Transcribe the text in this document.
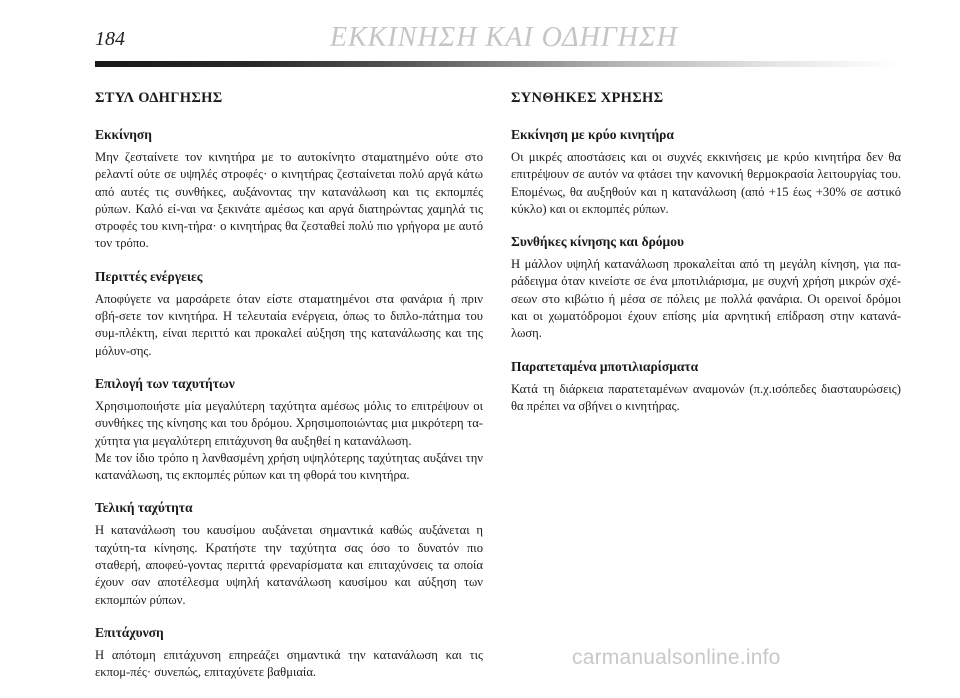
184	ΕΚΚΙΝΗΣΗ ΚΑΙ ΟΔΗΓΗΣΗ
ΣΤΥΛ ΟΔΗΓΗΣΗΣ
Εκκίνηση

Μην ζεσταίνετε τον κινητήρα με το αυτοκίνητο σταματημένο ούτε στο ρελαντί ούτε σε υψηλές στροφές· ο κινητήρας ζεσταίνεται πολύ αργά κάτω από αυτές τις συνθήκες, αυξάνοντας την κατανάλωση και τις εκπομπές ρύπων. Καλό εί-ναι να ξεκινάτε αμέσως και αργά διατηρώντας χαμηλά τις στροφές του κινη-τήρα· ο κινητήρας θα ζεσταθεί πολύ πιο γρήγορα με αυτό τον τρόπο.

Περιττές ενέργειες

Αποφύγετε να μαρσάρετε όταν είστε σταματημένοι στα φανάρια ή πριν σβή-σετε τον κινητήρα. Η τελευταία ενέργεια, όπως το διπλο-πάτημα του συμ-πλέκτη, είναι περιττό και προκαλεί αύξηση της κατανάλωσης και της μόλυν-σης.

Επιλογή των ταχυτήτων

Χρησιμοποιήστε μία μεγαλύτερη ταχύτητα αμέσως μόλις το επιτρέψουν οι συνθήκες της κίνησης και του δρόμου. Χρησιμοποιώντας μια μικρότερη τα-χύτητα για μεγαλύτερη επιτάχυνση θα αυξηθεί η κατανάλωση.

Με τον ίδιο τρόπο η λανθασμένη χρήση υψηλότερης ταχύτητας αυξάνει την κατανάλωση, τις εκπομπές ρύπων και τη φθορά του κινητήρα.

Τελική ταχύτητα

Η κατανάλωση του καυσίμου αυξάνεται σημαντικά καθώς αυξάνεται η ταχύτη-τα κίνησης. Κρατήστε την ταχύτητα σας όσο το δυνατόν πιο σταθερή, αποφεύ-γοντας περιττά φρεναρίσματα και επιταχύνσεις τα οποία έχουν σαν αποτέλεσμα υψηλή κατανάλωση καυσίμου και αύξηση των εκπομπών ρύπων.

Επιτάχυνση

Η απότομη επιτάχυνση επηρεάζει σημαντικά την κατανάλωση και τις εκπομ-πές· συνεπώς, επιταχύνετε βαθμιαία.

ΣΥΝΘΗΚΕΣ ΧΡΗΣΗΣ
Εκκίνηση με κρύο κινητήρα

Οι μικρές αποστάσεις και οι συχνές εκκινήσεις με κρύο κινητήρα δεν θα επιτρέψουν σε αυτόν να φτάσει την κανονική θερμοκρασία λειτουργίας του. Επομένως, θα αυξηθούν και η κατανάλωση (από +15 έως +30% σε αστικό κύκλο) και οι εκπομπές ρύπων.

Συνθήκες κίνησης και δρόμου

Η μάλλον υψηλή κατανάλωση προκαλείται από τη μεγάλη κίνηση, για πα-ράδειγμα όταν κινείστε σε ένα μποτιλιάρισμα, με συχνή χρήση μικρών σχέ-σεων στο κιβώτιο ή μέσα σε πόλεις με πολλά φανάρια. Οι ορεινοί δρόμοι και οι χωματόδρομοι έχουν επίσης μία αρνητική επίδραση στην κατανά-λωση.

Παρατεταμένα μποτιλιαρίσματα

Κατά τη διάρκεια παρατεταμένων αναμονών (π.χ.ισόπεδες διασταυρώσεις) θα πρέπει να σβήνει ο κινητήρας.

carmanualsonline.info
